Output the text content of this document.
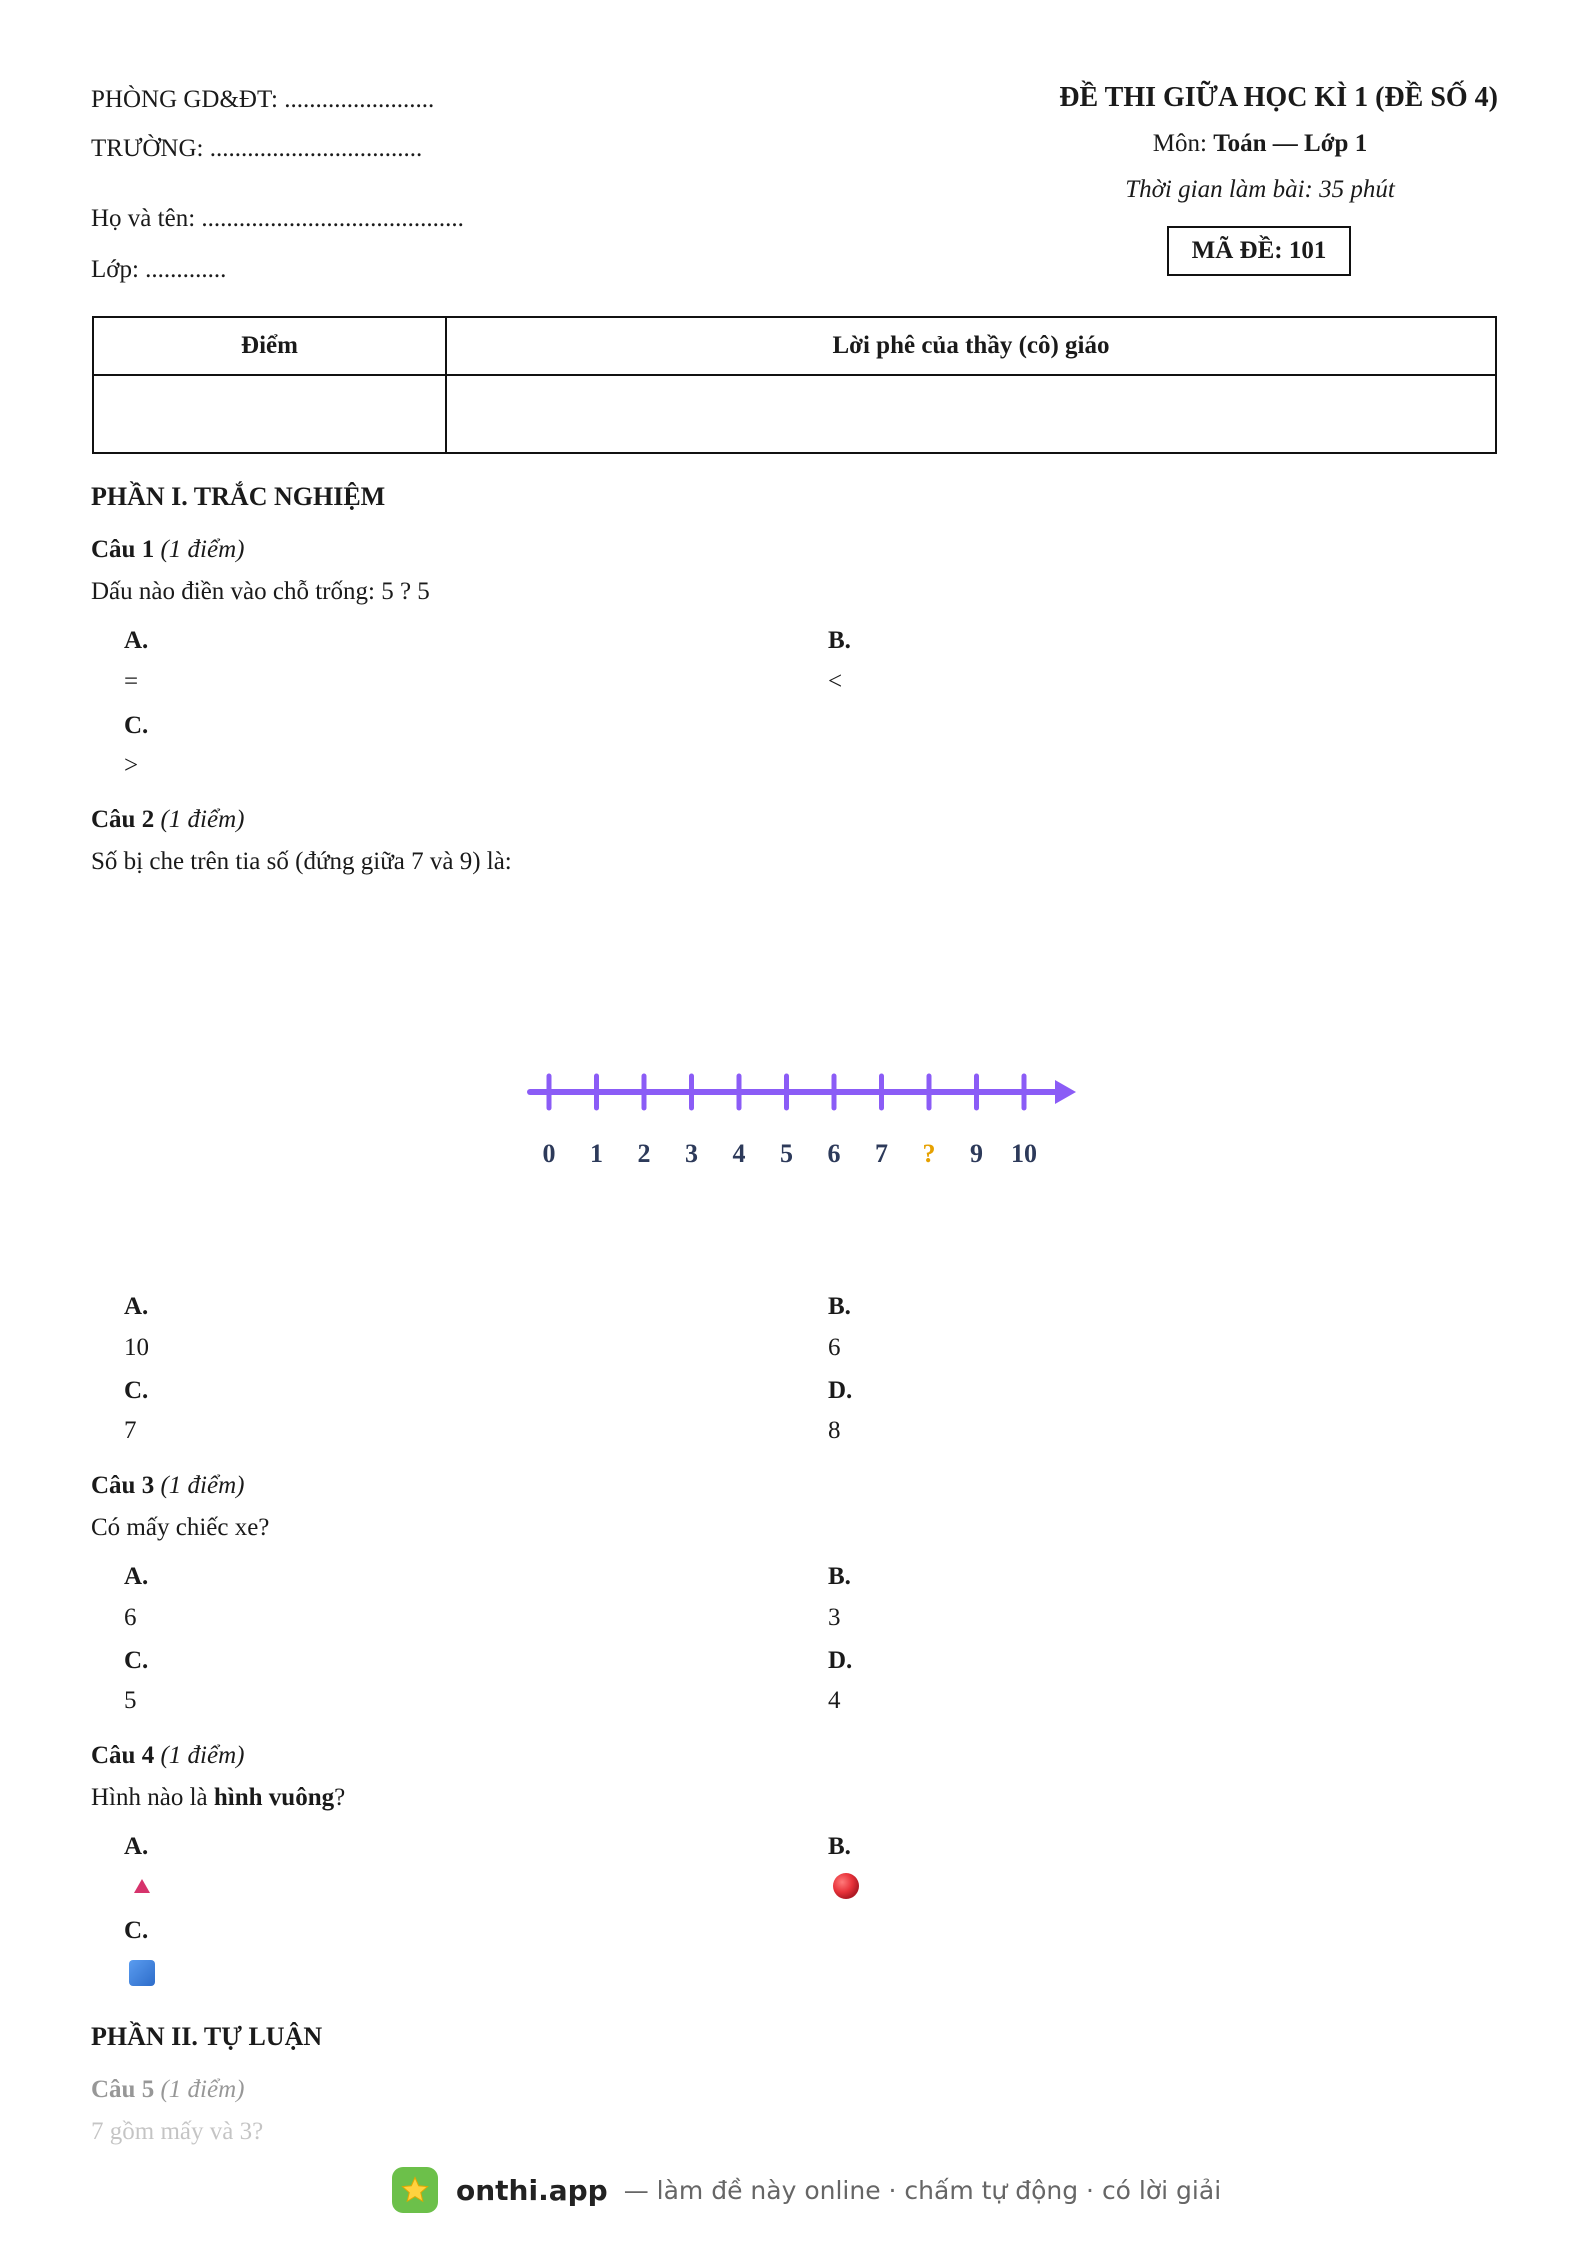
PHÒNG GD&ĐT: ........................
TRƯỜNG: ..................................
Họ và tên: ..........................................
Lớp: .............
ĐỀ THI GIỮA HỌC KÌ 1 (ĐỀ SỐ 4)
Môn: Toán — Lớp 1
Thời gian làm bài: 35 phút
MÃ ĐỀ: 101
Điểm	Lời phê của thầy (cô) giáo

PHẦN I. TRẮC NGHIỆM
Câu 1 (1 điểm)
Dấu nào điền vào chỗ trống: 5 ? 5
A.
=
B.
<
C.
>
Câu 2 (1 điểm)
Số bị che trên tia số (đứng giữa 7 và 9) là:
0 1 2 3 4 5 6 7 ? 9 10
A.
10
B.
6
C.
7
D.
8
Câu 3 (1 điểm)
Có mấy chiếc xe?
A.
6
B.
3
C.
5
D.
4
Câu 4 (1 điểm)
Hình nào là hình vuông?
A.	B.
C.
PHẦN II. TỰ LUẬN
Câu 5 (1 điểm)
7 gồm mấy và 3?
onthi.app — làm đề này online · chấm tự động · có lời giải
